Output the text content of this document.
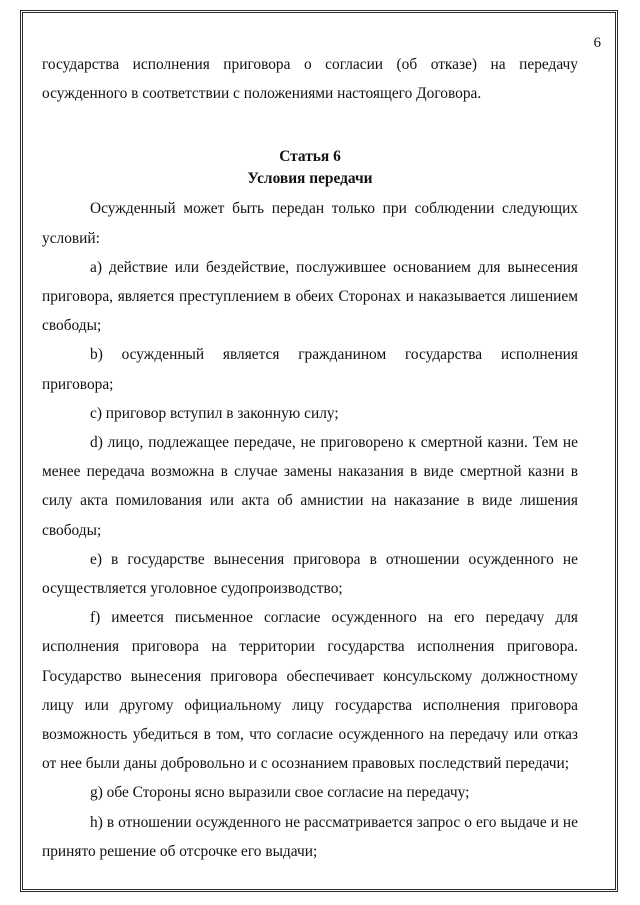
6

государства исполнения приговора о согласии (об отказе) на передачу осужденного в соответствии с положениями настоящего Договора.

Статья 6
Условия передачи

Осужденный может быть передан только при соблюдении следующих условий:

а) действие или бездействие, послужившее основанием для вынесения приговора, является преступлением в обеих Сторонах и наказывается лишением свободы;

b) осужденный является гражданином государства исполнения приговора;

c) приговор вступил в законную силу;

d) лицо, подлежащее передаче, не приговорено к смертной казни. Тем не менее передача возможна в случае замены наказания в виде смертной казни в силу акта помилования или акта об амнистии на наказание в виде лишения свободы;

e) в государстве вынесения приговора в отношении осужденного не осуществляется уголовное судопроизводство;

f) имеется письменное согласие осужденного на его передачу для исполнения приговора на территории государства исполнения приговора. Государство вынесения приговора обеспечивает консульскому должностному лицу или другому официальному лицу государства исполнения приговора возможность убедиться в том, что согласие осужденного на передачу или отказ от нее были даны добровольно и с осознанием правовых последствий передачи;

g) обе Стороны ясно выразили свое согласие на передачу;

h) в отношении осужденного не рассматривается запрос о его выдаче и не принято решение об отсрочке его выдачи;
